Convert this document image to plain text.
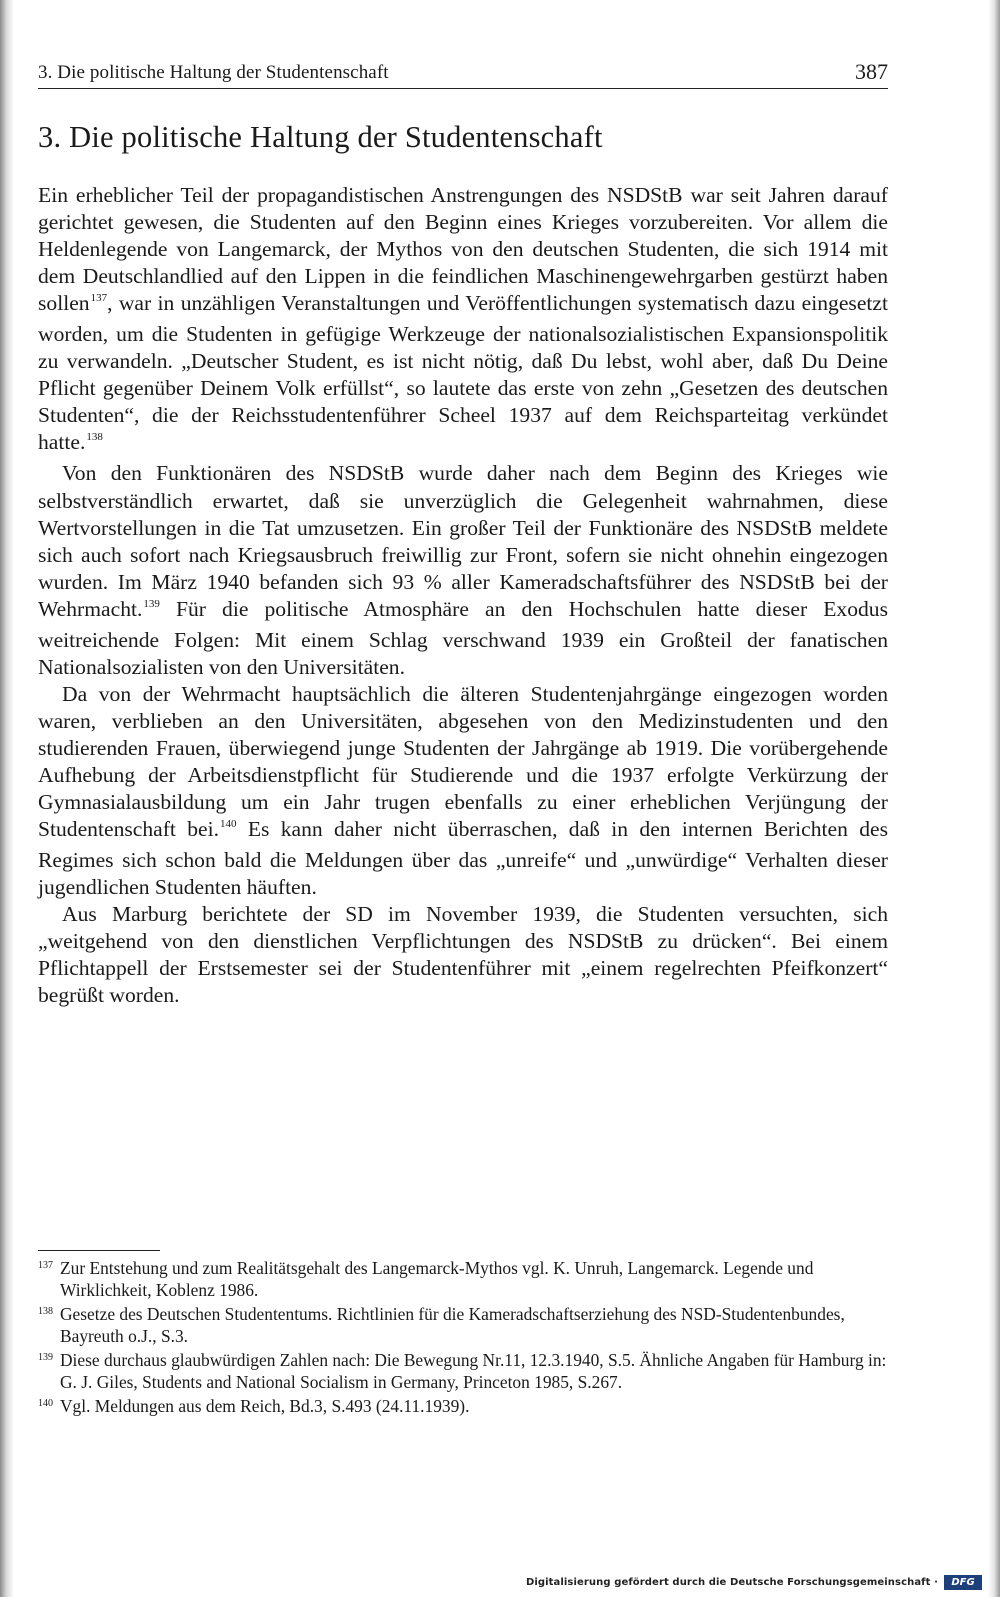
3. Die politische Haltung der Studentenschaft	387
3. Die politische Haltung der Studentenschaft

Ein erheblicher Teil der propagandistischen Anstrengungen des NSDStB war seit Jahren darauf gerichtet gewesen, die Studenten auf den Beginn eines Krieges vorzubereiten. Vor allem die Heldenlegende von Langemarck, der Mythos von den deutschen Studenten, die sich 1914 mit dem Deutschlandlied auf den Lippen in die feindlichen Maschinengewehrgarben gestürzt haben sollen$^{137}$, war in unzähligen Veranstaltungen und Veröffentlichungen systematisch dazu eingesetzt worden, um die Studenten in gefügige Werkzeuge der nationalsozialistischen Expansionspolitik zu verwandeln. „Deutscher Student, es ist nicht nötig, daß Du lebst, wohl aber, daß Du Deine Pflicht gegenüber Deinem Volk erfüllst“, so lautete das erste von zehn „Gesetzen des deutschen Studenten“, die der Reichsstudentenführer Scheel 1937 auf dem Reichsparteitag verkündet hatte.$^{138}$

Von den Funktionären des NSDStB wurde daher nach dem Beginn des Krieges wie selbstverständlich erwartet, daß sie unverzüglich die Gelegenheit wahrnahmen, diese Wertvorstellungen in die Tat umzusetzen. Ein großer Teil der Funktionäre des NSDStB meldete sich auch sofort nach Kriegsausbruch freiwillig zur Front, sofern sie nicht ohnehin eingezogen wurden. Im März 1940 befanden sich 93 % aller Kameradschaftsführer des NSDStB bei der Wehrmacht.$^{139}$ Für die politische Atmosphäre an den Hochschulen hatte dieser Exodus weitreichende Folgen: Mit einem Schlag verschwand 1939 ein Großteil der fanatischen Nationalsozialisten von den Universitäten.

Da von der Wehrmacht hauptsächlich die älteren Studentenjahrgänge eingezogen worden waren, verblieben an den Universitäten, abgesehen von den Medizinstudenten und den studierenden Frauen, überwiegend junge Studenten der Jahrgänge ab 1919. Die vorübergehende Aufhebung der Arbeitsdienstpflicht für Studierende und die 1937 erfolgte Verkürzung der Gymnasialausbildung um ein Jahr trugen ebenfalls zu einer erheblichen Verjüngung der Studentenschaft bei.$^{140}$ Es kann daher nicht überraschen, daß in den internen Berichten des Regimes sich schon bald die Meldungen über das „unreife“ und „unwürdige“ Verhalten dieser jugendlichen Studenten häuften.

Aus Marburg berichtete der SD im November 1939, die Studenten versuchten, sich „weitgehend von den dienstlichen Verpflichtungen des NSDStB zu drücken“. Bei einem Pflichtappell der Erstsemester sei der Studentenführer mit „einem regelrechten Pfeifkonzert“ begrüßt worden.

137 Zur Entstehung und zum Realitätsgehalt des Langemarck-Mythos vgl. K. Unruh, Langemarck. Legende und Wirklichkeit, Koblenz 1986.
138 Gesetze des Deutschen Studententums. Richtlinien für die Kameradschaftserziehung des NSD-Studentenbundes, Bayreuth o.J., S.3.
139 Diese durchaus glaubwürdigen Zahlen nach: Die Bewegung Nr.11, 12.3.1940, S.5. Ähnliche Angaben für Hamburg in: G. J. Giles, Students and National Socialism in Germany, Princeton 1985, S.267.
140 Vgl. Meldungen aus dem Reich, Bd.3, S.493 (24.11.1939).
Digitalisierung gefördert durch die Deutsche Forschungsgemeinschaft ·	DFG
